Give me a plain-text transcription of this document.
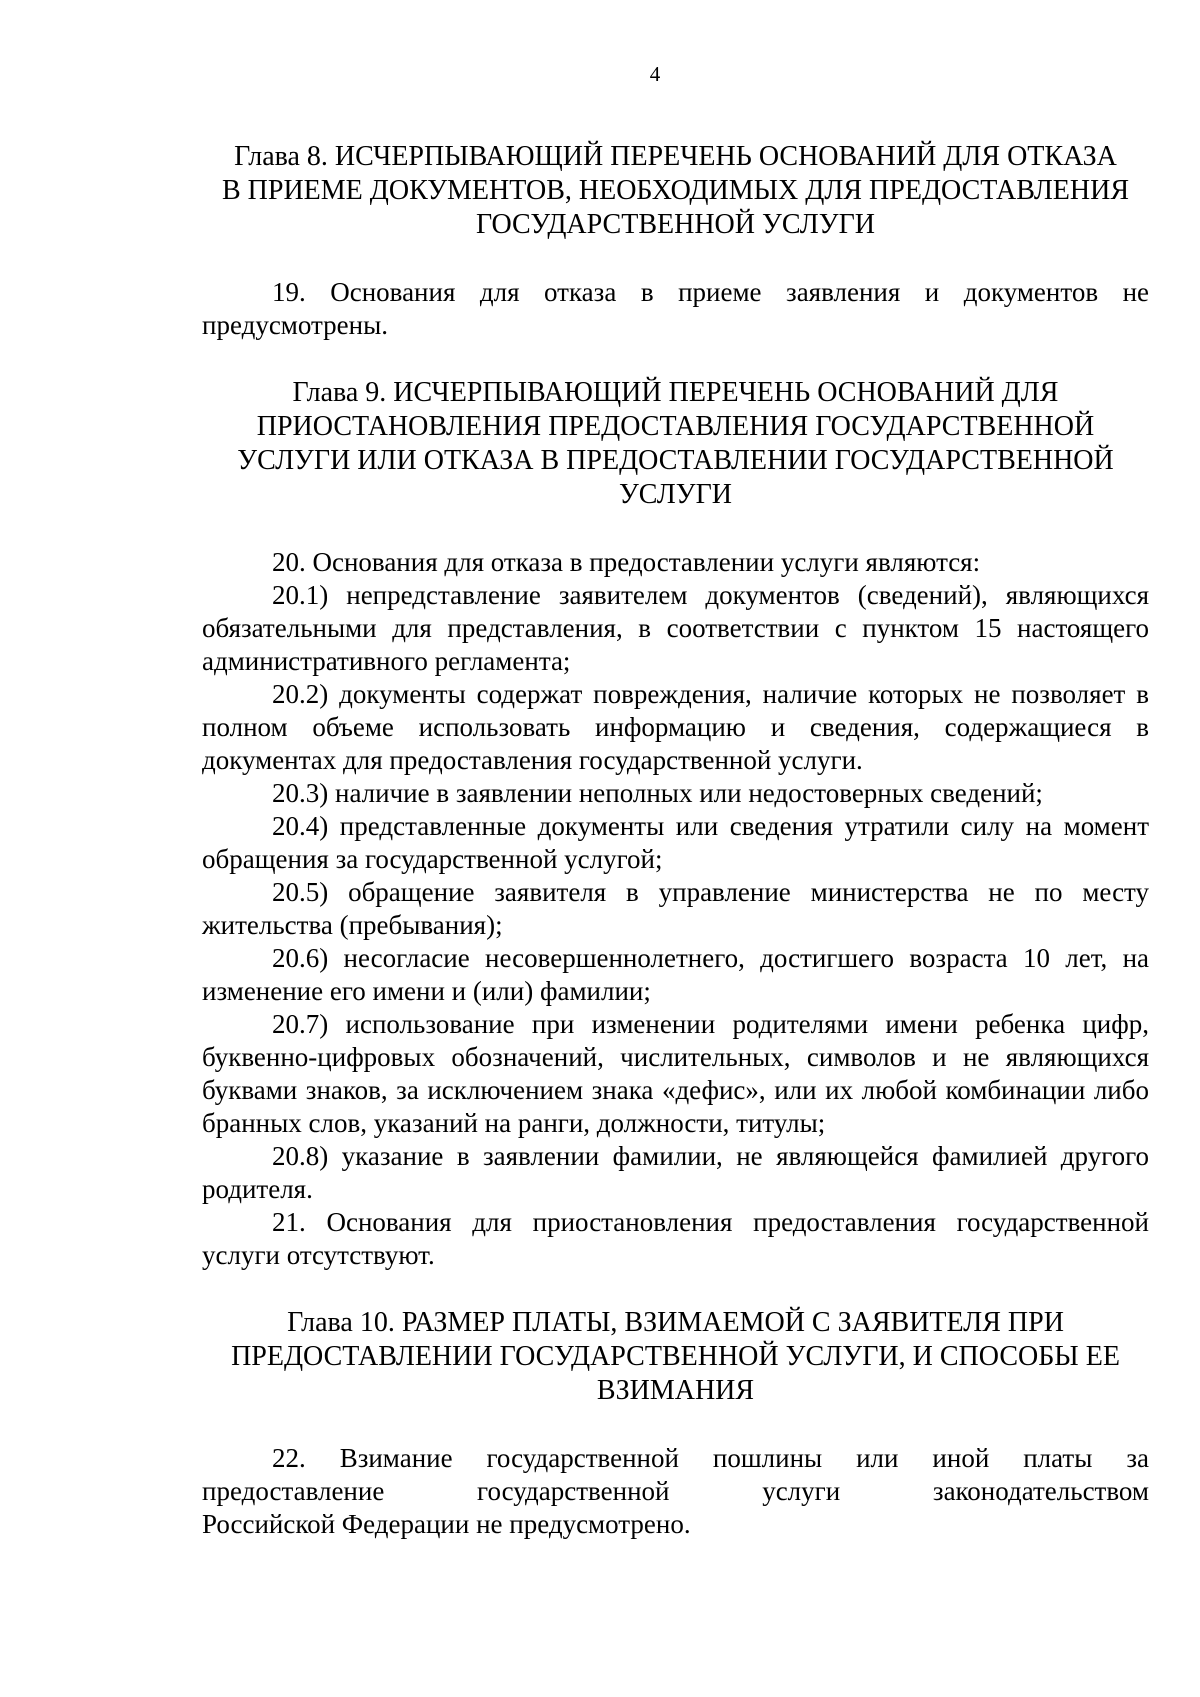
4
Глава 8. ИСЧЕРПЫВАЮЩИЙ ПЕРЕЧЕНЬ ОСНОВАНИЙ ДЛЯ ОТКАЗА
В ПРИЕМЕ ДОКУМЕНТОВ, НЕОБХОДИМЫХ ДЛЯ ПРЕДОСТАВЛЕНИЯ
ГОСУДАРСТВЕННОЙ УСЛУГИ
19. Основания для отказа в приеме заявления и документов не

предусмотрены.

Глава 9. ИСЧЕРПЫВАЮЩИЙ ПЕРЕЧЕНЬ ОСНОВАНИЙ ДЛЯ
ПРИОСТАНОВЛЕНИЯ ПРЕДОСТАВЛЕНИЯ ГОСУДАРСТВЕННОЙ
УСЛУГИ ИЛИ ОТКАЗА В ПРЕДОСТАВЛЕНИИ ГОСУДАРСТВЕННОЙ
УСЛУГИ

20. Основания для отказа в предоставлении услуги являются:

20.1) непредставление заявителем документов (сведений), являющихся обязательными для представления, в соответствии с пунктом 15 настоящего административного регламента;

20.2) документы содержат повреждения, наличие которых не позволяет в полном объеме использовать информацию и сведения, содержащиеся в документах для предоставления государственной услуги.

20.3) наличие в заявлении неполных или недостоверных сведений;

20.4) представленные документы или сведения утратили силу на момент обращения за государственной услугой;

20.5) обращение заявителя в управление министерства не по месту жительства (пребывания);

20.6) несогласие несовершеннолетнего, достигшего возраста 10 лет, на изменение его имени и (или) фамилии;

20.7) использование при изменении родителями имени ребенка цифр, буквенно-цифровых обозначений, числительных, символов и не являющихся буквами знаков, за исключением знака «дефис», или их любой комбинации либо бранных слов, указаний на ранги, должности, титулы;

20.8) указание в заявлении фамилии, не являющейся фамилией другого родителя.

21. Основания для приостановления предоставления государственной услуги отсутствуют.

Глава 10. РАЗМЕР ПЛАТЫ, ВЗИМАЕМОЙ С ЗАЯВИТЕЛЯ ПРИ
ПРЕДОСТАВЛЕНИИ ГОСУДАРСТВЕННОЙ УСЛУГИ, И СПОСОБЫ ЕЕ
ВЗИМАНИЯ
22. Взимание государственной пошлины или иной платы за
предоставление	государственной	услуги	законодательством

Российской Федерации не предусмотрено.
